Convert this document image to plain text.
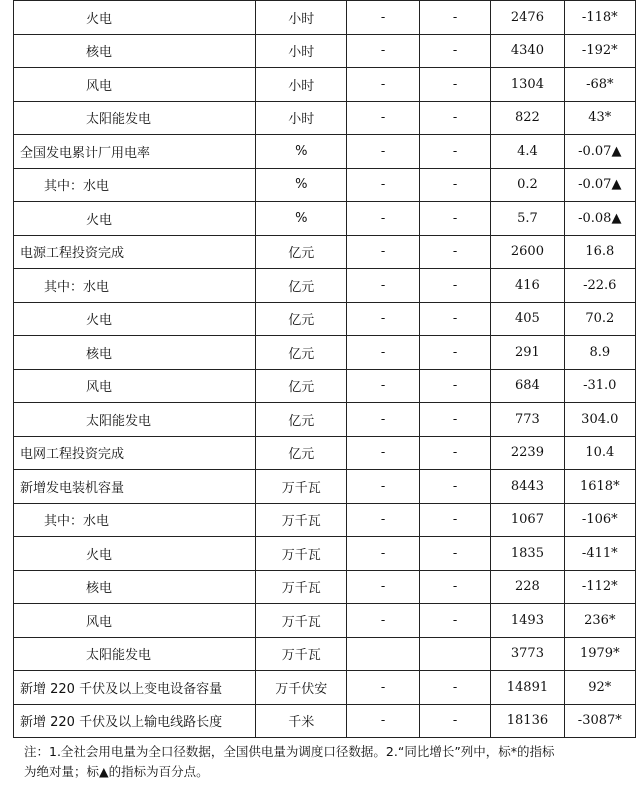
火电	小时	-	-	2476	-118*
核电	小时	-	-	4340	-192*
风电	小时	-	-	1304	-68*
太阳能发电	小时	-	-	822	43*
全国发电累计厂用电率	%	-	-	4.4	-0.07▲
其中：水电	%	-	-	0.2	-0.07▲
火电	%	-	-	5.7	-0.08▲
电源工程投资完成	亿元	-	-	2600	16.8
其中：水电	亿元	-	-	416	-22.6
火电	亿元	-	-	405	70.2
核电	亿元	-	-	291	8.9
风电	亿元	-	-	684	-31.0
太阳能发电	亿元	-	-	773	304.0
电网工程投资完成	亿元	-	-	2239	10.4
新增发电装机容量	万千瓦	-	-	8443	1618*
其中：水电	万千瓦	-	-	1067	-106*
火电	万千瓦	-	-	1835	-411*
核电	万千瓦	-	-	228	-112*
风电	万千瓦	-	-	1493	236*
太阳能发电	万千瓦			3773	1979*
新增 220 千伏及以上变电设备容量	万千伏安	-	-	14891	92*
新增 220 千伏及以上输电线路长度	千米	-	-	18136	-3087*

注：1.全社会用电量为全口径数据，全国供电量为调度口径数据。2.“同比增长”列中，标*的指标

为绝对量；标▲的指标为百分点。
